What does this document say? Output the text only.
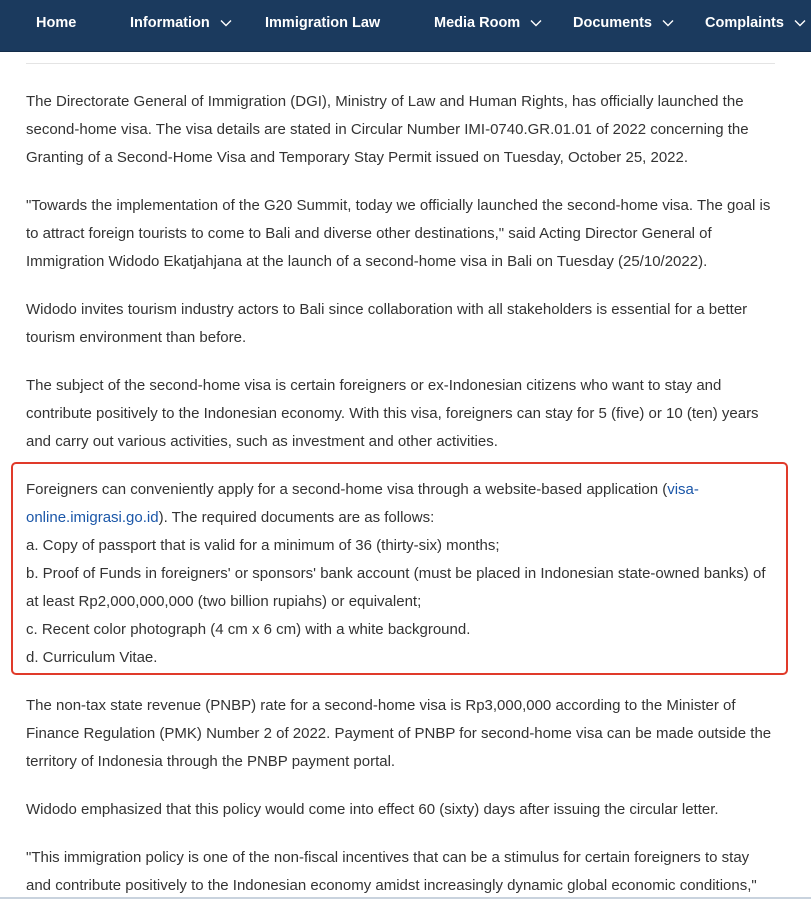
Home	Information	Immigration Law	Media Room	Documents	Complaints

The Directorate General of Immigration (DGI), Ministry of Law and Human Rights, has officially launched the second-home visa. The visa details are stated in Circular Number IMI-0740.GR.01.01 of 2022 concerning the Granting of a Second-Home Visa and Temporary Stay Permit issued on Tuesday, October 25, 2022.

"Towards the implementation of the G20 Summit, today we officially launched the second-home visa. The goal is to attract foreign tourists to come to Bali and diverse other destinations," said Acting Director General of Immigration Widodo Ekatjahjana at the launch of a second-home visa in Bali on Tuesday (25/10/2022).

Widodo invites tourism industry actors to Bali since collaboration with all stakeholders is essential for a better tourism environment than before.

The subject of the second-home visa is certain foreigners or ex-Indonesian citizens who want to stay and contribute positively to the Indonesian economy. With this visa, foreigners can stay for 5 (five) or 10 (ten) years and carry out various activities, such as investment and other activities.

Foreigners can conveniently apply for a second-home visa through a website-based application (visa-online.imigrasi.go.id). The required documents are as follows:
a. Copy of passport that is valid for a minimum of 36 (thirty-six) months;
b. Proof of Funds in foreigners' or sponsors' bank account (must be placed in Indonesian state-owned banks) of at least Rp2,000,000,000 (two billion rupiahs) or equivalent;
c. Recent color photograph (4 cm x 6 cm) with a white background.
d. Curriculum Vitae.

The non-tax state revenue (PNBP) rate for a second-home visa is Rp3,000,000 according to the Minister of Finance Regulation (PMK) Number 2 of 2022. Payment of PNBP for second-home visa can be made outside the territory of Indonesia through the PNBP payment portal.

Widodo emphasized that this policy would come into effect 60 (sixty) days after issuing the circular letter.

"This immigration policy is one of the non-fiscal incentives that can be a stimulus for certain foreigners to stay and contribute positively to the Indonesian economy amidst increasingly dynamic global economic conditions,"
